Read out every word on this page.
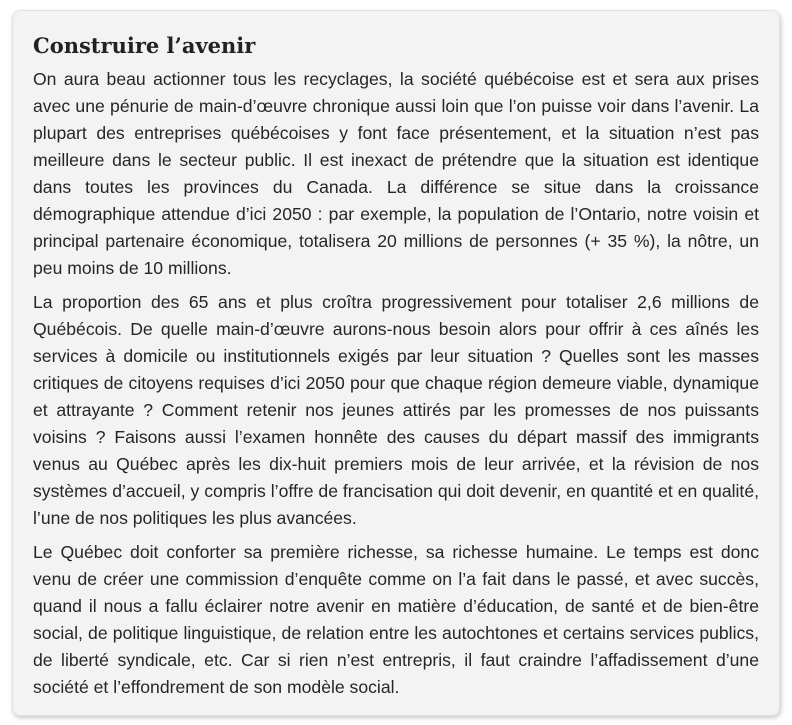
Construire l’avenir

On aura beau actionner tous les recyclages, la société québécoise est et sera aux prises avec une pénurie de main-d’œuvre chronique aussi loin que l’on puisse voir dans l’avenir. La plupart des entreprises québécoises y font face présentement, et la situation n’est pas meilleure dans le secteur public. Il est inexact de prétendre que la situation est identique dans toutes les provinces du Canada. La différence se situe dans la croissance démographique attendue d’ici 2050 : par exemple, la population de l’Ontario, notre voisin et principal partenaire économique, totalisera 20 millions de personnes (+ 35 %), la nôtre, un peu moins de 10 millions.

La proportion des 65 ans et plus croîtra progressivement pour totaliser 2,6 millions de Québécois. De quelle main-d’œuvre aurons-nous besoin alors pour offrir à ces aînés les services à domicile ou institutionnels exigés par leur situation ? Quelles sont les masses critiques de citoyens requises d’ici 2050 pour que chaque région demeure viable, dynamique et attrayante ? Comment retenir nos jeunes attirés par les promesses de nos puissants voisins ? Faisons aussi l’examen honnête des causes du départ massif des immigrants venus au Québec après les dix-huit premiers mois de leur arrivée, et la révision de nos systèmes d’accueil, y compris l’offre de francisation qui doit devenir, en quantité et en qualité, l’une de nos politiques les plus avancées.

Le Québec doit conforter sa première richesse, sa richesse humaine. Le temps est donc venu de créer une commission d’enquête comme on l’a fait dans le passé, et avec succès, quand il nous a fallu éclairer notre avenir en matière d’éducation, de santé et de bien-être social, de politique linguistique, de relation entre les autochtones et certains services publics, de liberté syndicale, etc. Car si rien n’est entrepris, il faut craindre l’affadissement d’une société et l’effondrement de son modèle social.
